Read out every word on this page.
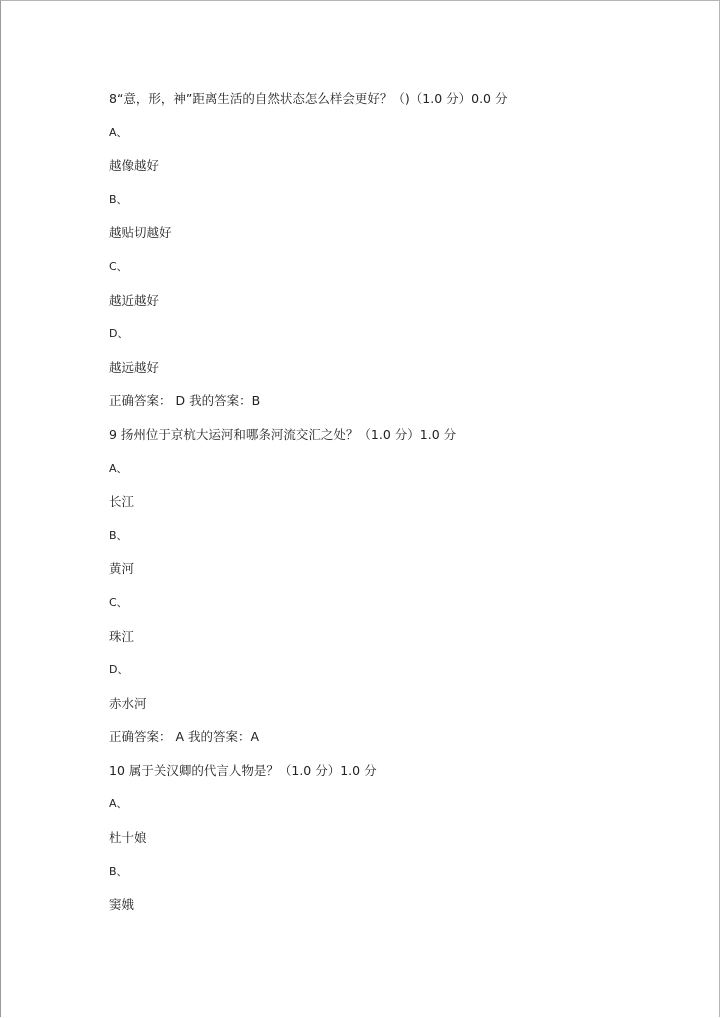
8“意，形，神”距离生活的自然状态怎么样会更好？（)（1.0 分）0.0 分
A、
越像越好
B、
越贴切越好
C、
越近越好
D、
越远越好
正确答案： D 我的答案：B
9 扬州位于京杭大运河和哪条河流交汇之处？（1.0 分）1.0 分
A、
长江
B、
黄河
C、
珠江
D、
赤水河
正确答案： A 我的答案：A
10 属于关汉卿的代言人物是？（1.0 分）1.0 分
A、
杜十娘
B、
窦娥
